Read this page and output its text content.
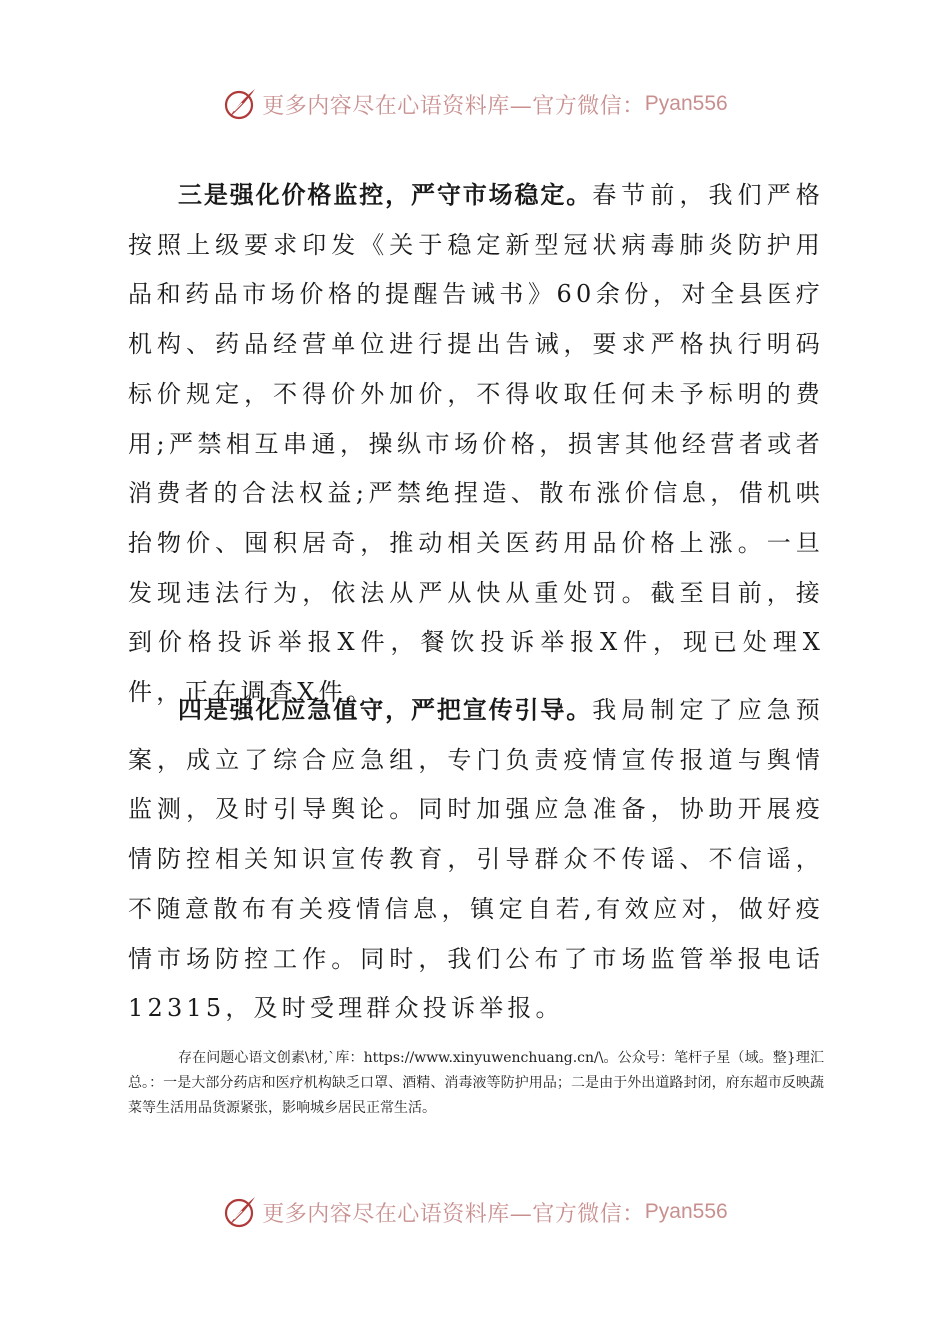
更多内容尽在心语资料库—官方微信： Pyan556

三是强化价格监控，严守市场稳定。春节前，我们严格按照上级要求印发《关于稳定新型冠状病毒肺炎防护用品和药品市场价格的提醒告诫书》60余份，对全县医疗机构、药品经营单位进行提出告诫，要求严格执行明码标价规定，不得价外加价，不得收取任何未予标明的费用;严禁相互串通，操纵市场价格，损害其他经营者或者消费者的合法权益;严禁绝捏造、散布涨价信息，借机哄抬物价、囤积居奇，推动相关医药用品价格上涨。一旦发现违法行为，依法从严从快从重处罚。截至目前，接到价格投诉举报X件，餐饮投诉举报X件，现已处理X件，正在调查X件。

四是强化应急值守，严把宣传引导。我局制定了应急预案，成立了综合应急组，专门负责疫情宣传报道与舆情监测，及时引导舆论。同时加强应急准备，协助开展疫情防控相关知识宣传教育，引导群众不传谣、不信谣，不随意散布有关疫情信息，镇定自若,有效应对，做好疫情市场防控工作。同时，我们公布了市场监管举报电话12315，及时受理群众投诉举报。

存在问题心语文创素\材,`库：https://www.xinyuwenchuang.cn/\。公众号：笔杆子星（域。整}理汇总。：一是大部分药店和医疗机构缺乏口罩、酒精、消毒液等防护用品；二是由于外出道路封闭，府东超市反映蔬菜等生活用品货源紧张，影响城乡居民正常生活。

更多内容尽在心语资料库—官方微信： Pyan556
